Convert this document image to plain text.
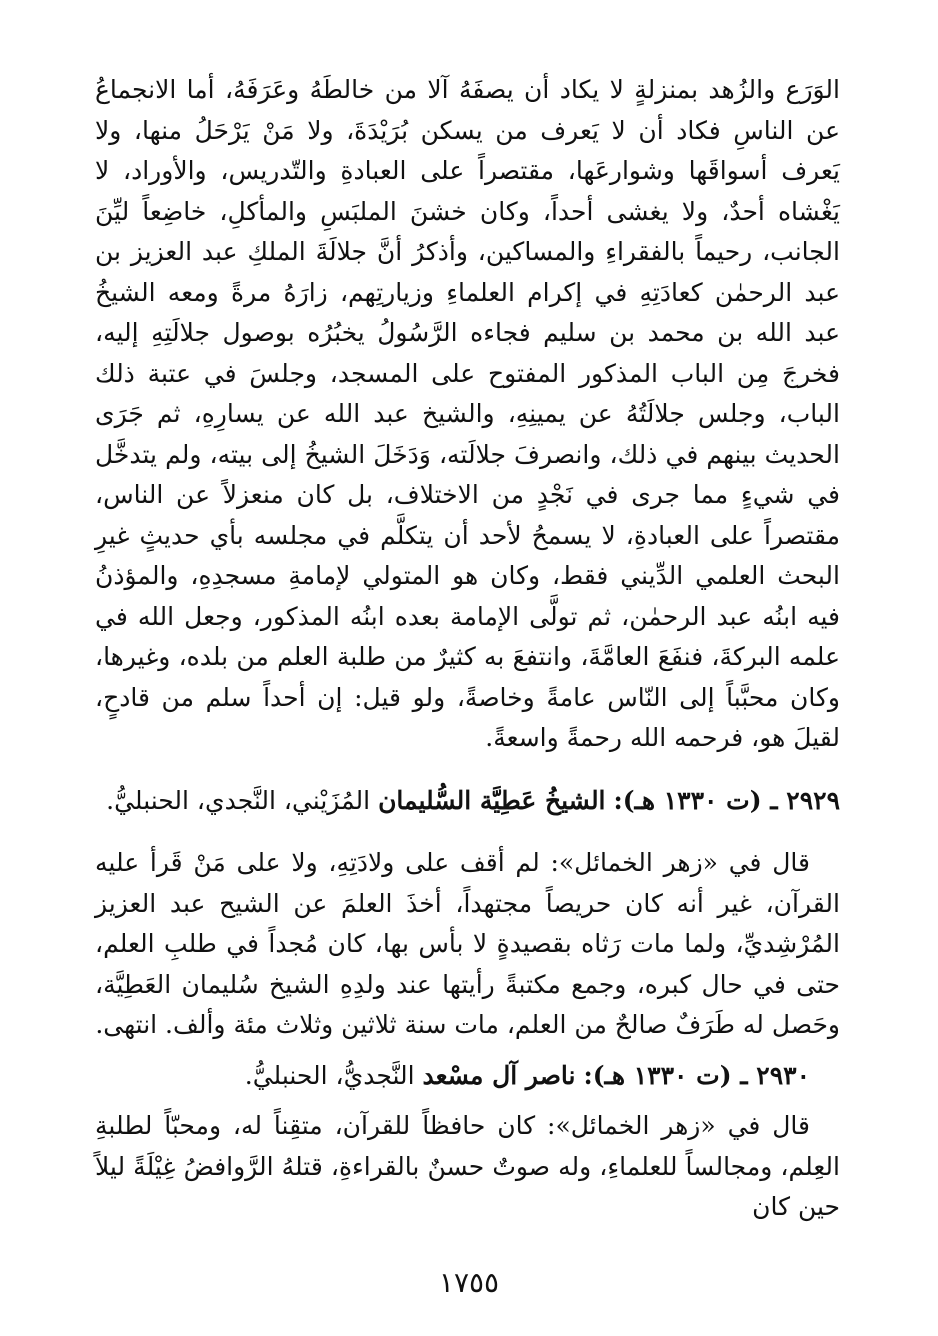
الوَرَع والزُهد بمنزلةٍ لا يكاد أن يصفَهُ آلا من خالطَهُ وعَرَفَهُ، أما الانجماعُ عن الناسِ فكاد أن لا يَعرف من يسكن بُرَيْدَةَ، ولا مَنْ يَرْحَلُ منها، ولا يَعرف أسواقَها وشوارعَها، مقتصراً على العبادةِ والتّدريس، والأوراد، لا يَغْشاه أحدٌ، ولا يغشى أحداً، وكان خشنَ الملبَسِ والمأكلِ، خاضِعاً ليِّنَ الجانب، رحيماً بالفقراءِ والمساكين، وأذكرُ أنَّ جلالَةَ الملكِ عبد العزيز بن عبد الرحمٰن كعادَتِهِ في إكرام العلماءِ وزيارتِهم، زارَهُ مرةً ومعه الشيخُ عبد الله بن محمد بن سليم فجاءه الرَّسُولُ يخبُرُه بوصول جلالَتِهِ إليه، فخرجَ مِن الباب المذكور المفتوح على المسجد، وجلسَ في عتبة ذلك الباب، وجلس جلالَتُهُ عن يمينِهِ، والشيخ عبد الله عن يسارِهِ، ثم جَرَى الحديث بينهم في ذلك، وانصرفَ جلالَته، وَدَخَلَ الشيخُ إلى بيته، ولم يتدخَّل في شيءٍ مما جرى في نَجْدٍ من الاختلاف، بل كان منعزلاً عن الناس، مقتصراً على العبادةِ، لا يسمحُ لأحد أن يتكلَّم في مجلسه بأي حديثٍ غيرِ البحث العلمي الدِّيني فقط، وكان هو المتولي لإمامةِ مسجدِهِ، والمؤذنُ فيه ابنُه عبد الرحمٰن، ثم تولَّى الإمامة بعده ابنُه المذكور، وجعل الله في علمه البركةَ، فنفَعَ العامَّةَ، وانتفعَ به كثيرٌ من طلبة العلم من بلده، وغيرها، وكان محبَّباً إلى النّاس عامةً وخاصةً، ولو قيل: إن أحداً سلم من قادحٍ، لقيلَ هو، فرحمه الله رحمةً واسعةً.

٢٩٢٩ ـ (ت ١٣٣٠ هـ): الشيخُ عَطِيَّة السُّليمان المُزَيْني، النَّجدي، الحنبليُّ.

قال في «زهر الخمائل»: لم أقف على ولادَتِهِ، ولا على مَنْ قَرأ عليه القرآن، غير أنه كان حريصاً مجتهداً، أخذَ العلمَ عن الشيح عبد العزيز المُرْشِديِّ، ولما مات رَثاه بقصيدةٍ لا بأس بها، كان مُجداً في طلبِ العلم، حتى في حال كبره، وجمع مكتبةً رأيتها عند ولدِهِ الشيخ سُليمان العَطِيَّة، وحَصل له طَرَفٌ صالحٌ من العلم، مات سنة ثلاثين وثلاث مئة وألف. انتهى.

٢٩٣٠ ـ (ت ١٣٣٠ هـ): ناصر آل مسْعد النَّجديُّ، الحنبليُّ.

قال في «زهر الخمائل»: كان حافظاً للقرآن، متقِناً له، ومحبّاً لطلبةِ العِلم، ومجالساً للعلماءِ، وله صوتٌ حسنٌ بالقراءةِ، قتلهُ الرَّوافضُ غِيْلَةً ليلاً حين كان

١٧٥٥
